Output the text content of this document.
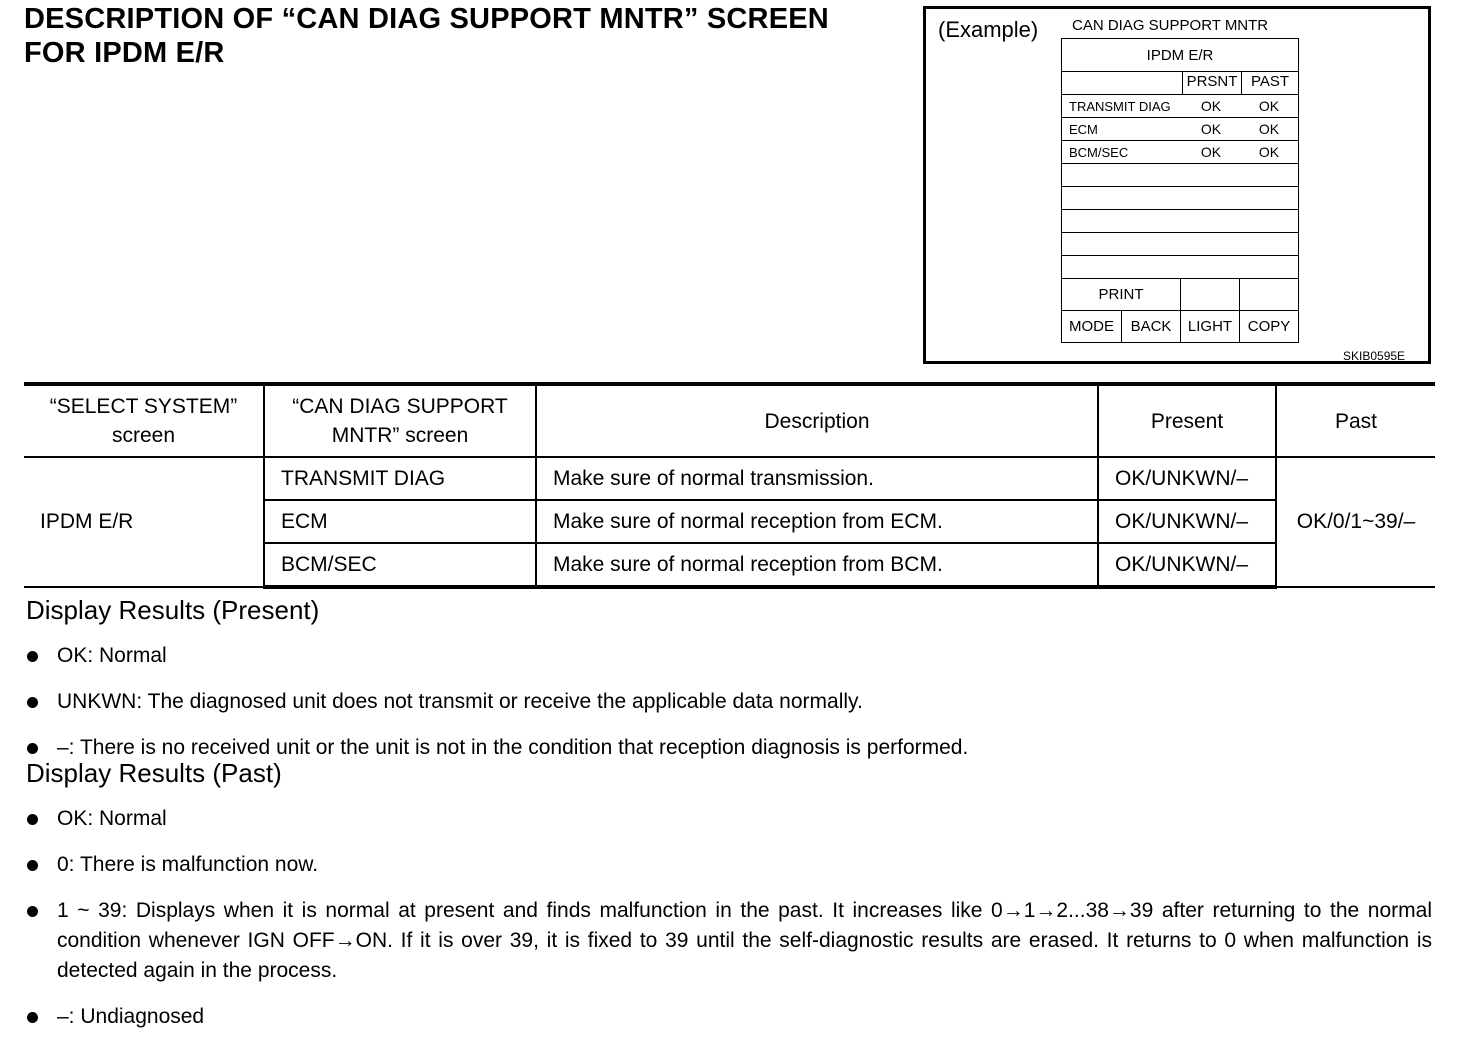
DESCRIPTION OF “CAN DIAG SUPPORT MNTR” SCREEN
FOR IPDM E/R
(Example) CAN DIAG SUPPORT MNTR
IPDM E/R
PRSNT PAST
TRANSMIT DIAG	OK	OK
ECM	OK	OK
BCM/SEC	OK	OK
PRINT
MODE	BACK	LIGHT	COPY
SKIB0595E
“SELECT SYSTEM” screen	“CAN DIAG SUPPORT MNTR” screen	Description	Present	Past
IPDM E/R	TRANSMIT DIAG	Make sure of normal transmission.	OK/UNKWN/–	OK/0/1~39/–
	ECM	Make sure of normal reception from ECM.	OK/UNKWN/–	
	BCM/SEC	Make sure of normal reception from BCM.	OK/UNKWN/–	
Display Results (Present)
OK: Normal
UNKWN: The diagnosed unit does not transmit or receive the applicable data normally.
–: There is no received unit or the unit is not in the condition that reception diagnosis is performed.
Display Results (Past)
OK: Normal
0: There is malfunction now.
1 ~ 39: Displays when it is normal at present and finds malfunction in the past. It increases like 0→1→2...38→39 after returning to the normal condition whenever IGN OFF→ON. If it is over 39, it is fixed to 39 until the self-diagnostic results are erased. It returns to 0 when malfunction is detected again in the process.
–: Undiagnosed
